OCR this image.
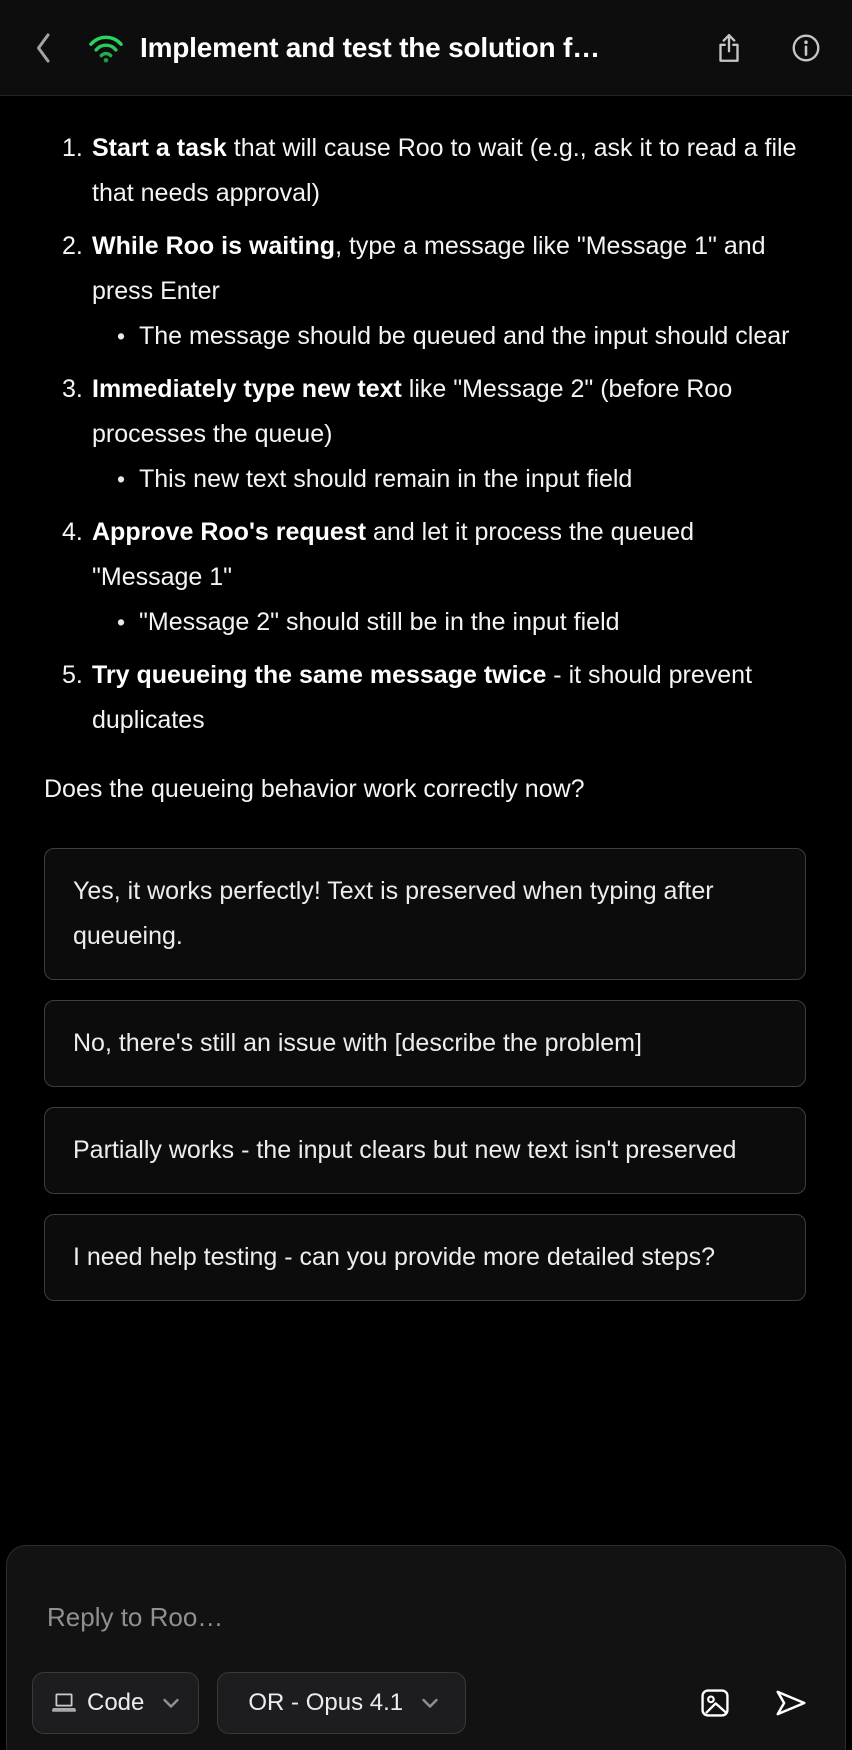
Implement and test the solution f…
1. Start a task that will cause Roo to wait (e.g., ask it to read a file that needs approval)
2. While Roo is waiting, type a message like "Message 1" and press Enter
•
The message should be queued and the input should clear
3. Immediately type new text like "Message 2" (before Roo processes the queue)
•
This new text should remain in the input field
4. Approve Roo's request and let it process the queued "Message 1"
•
"Message 2" should still be in the input field
5. Try queueing the same message twice - it should prevent duplicates

Does the queueing behavior work correctly now?

Yes, it works perfectly! Text is preserved when typing after queueing.
No, there's still an issue with [describe the problem]
Partially works - the input clears but new text isn't preserved
I need help testing - can you provide more detailed steps?
Reply to Roo…
Code	OR - Opus 4.1
